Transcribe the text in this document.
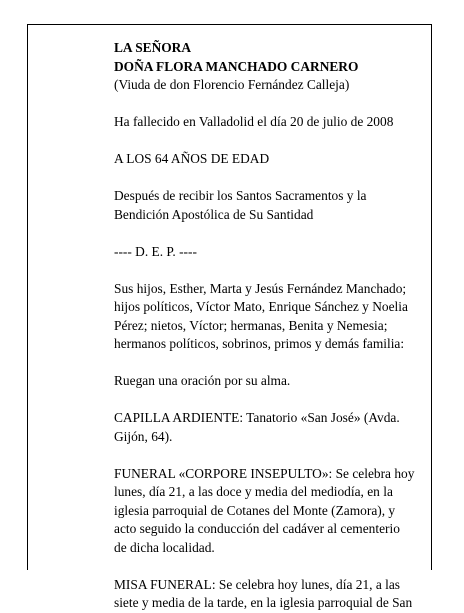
LA SEÑORA
DOÑA FLORA MANCHADO CARNERO
(Viuda de don Florencio Fernández Calleja)
Ha fallecido en Valladolid el día 20 de julio de 2008
A LOS 64 AÑOS DE EDAD
Después de recibir los Santos Sacramentos y la
Bendición Apostólica de Su Santidad
---- D. E. P. ----
Sus hijos, Esther, Marta y Jesús Fernández Manchado;
hijos políticos, Víctor Mato, Enrique Sánchez y Noelia
Pérez; nietos, Víctor; hermanas, Benita y Nemesia;
hermanos políticos, sobrinos, primos y demás familia:
Ruegan una oración por su alma.
CAPILLA ARDIENTE: Tanatorio «San José» (Avda.
Gijón, 64).
FUNERAL «CORPORE INSEPULTO»: Se celebra hoy
lunes, día 21, a las doce y media del mediodía, en la
iglesia parroquial de Cotanes del Monte (Zamora), y
acto seguido la conducción del cadáver al cementerio
de dicha localidad.
MISA FUNERAL: Se celebra hoy lunes, día 21, a las
siete y media de la tarde, en la iglesia parroquial de San
